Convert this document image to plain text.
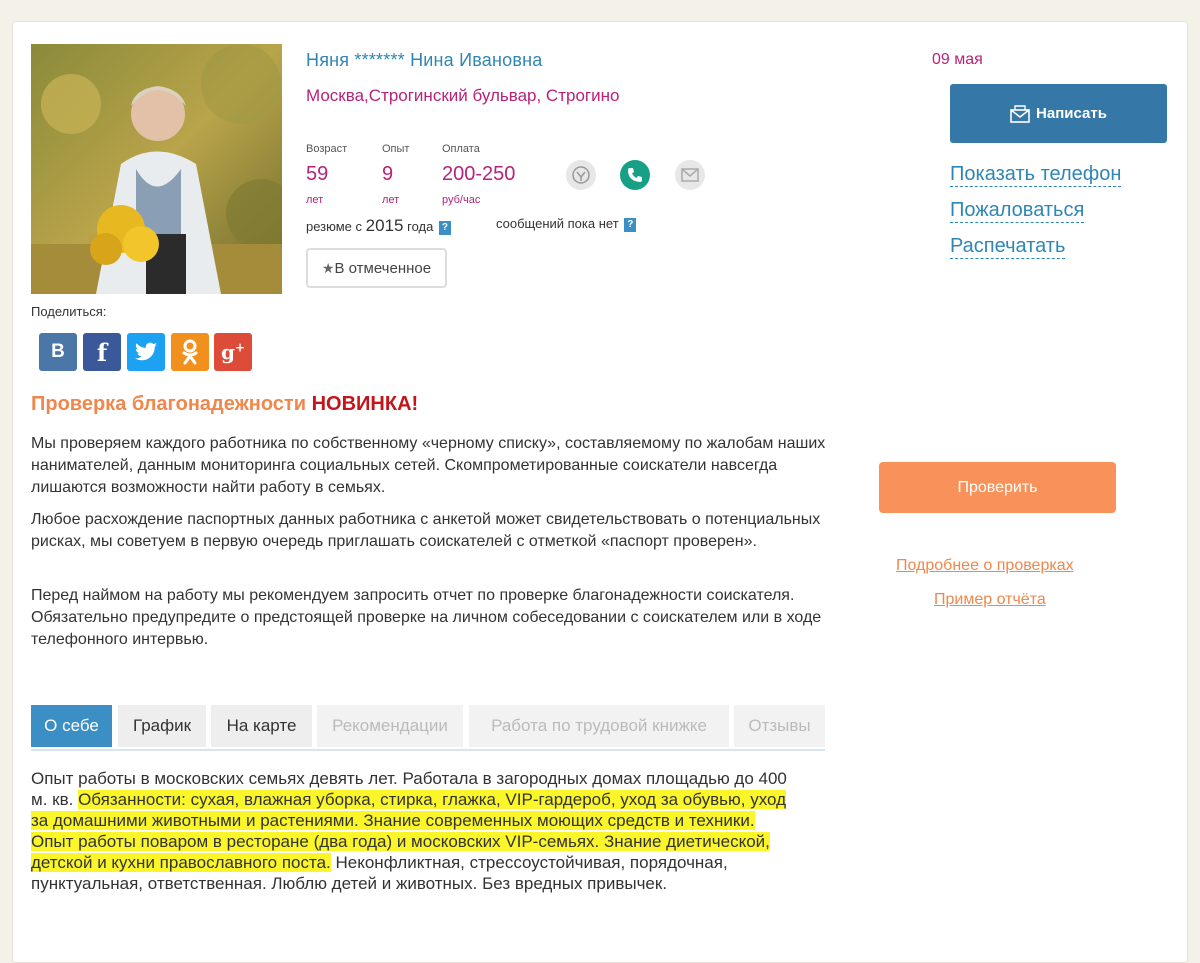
Поделиться:
B f	g+
Няня ******* Нина Ивановна
Москва,Строгинский бульвар, Строгино
Возраст
59
лет
Опыт
9
лет
Оплата
200-250
руб/час
резюме с 2015 года ?	сообщений пока нет ?
★ В отмеченное
09 мая
Написать
Показать телефон
Пожаловаться
Распечатать
Проверка благонадежности НОВИНКА!
Мы проверяем каждого работника по собственному «черному списку», составляемому по жалобам наших нанимателей, данным мониторинга социальных сетей. Скомпрометированные соискатели навсегда лишаются возможности найти работу в семьях.
Любое расхождение паспортных данных работника с анкетой может свидетельствовать о потенциальных рисках, мы советуем в первую очередь приглашать соискателей с отметкой «паспорт проверен».
Перед наймом на работу мы рекомендуем запросить отчет по проверке благонадежности соискателя. Обязательно предупредите о предстоящей проверке на личном собеседовании с соискателем или в ходе телефонного интервью.
Проверить
Подробнее о проверках
Пример отчёта
О себе	График	На карте	Рекомендации	Работа по трудовой книжке	Отзывы
Опыт работы в московских семьях девять лет. Работала в загородных домах площадью до 400 м. кв. Обязанности: сухая, влажная уборка, стирка, глажка, VIP-гардероб, уход за обувью, уход за домашними животными и растениями. Знание современных моющих средств и техники. Опыт работы поваром в ресторане (два года) и московских VIP-семьях. Знание диетической, детской и кухни православного поста. Неконфликтная, стрессоустойчивая, порядочная, пунктуальная, ответственная. Люблю детей и животных. Без вредных привычек.
